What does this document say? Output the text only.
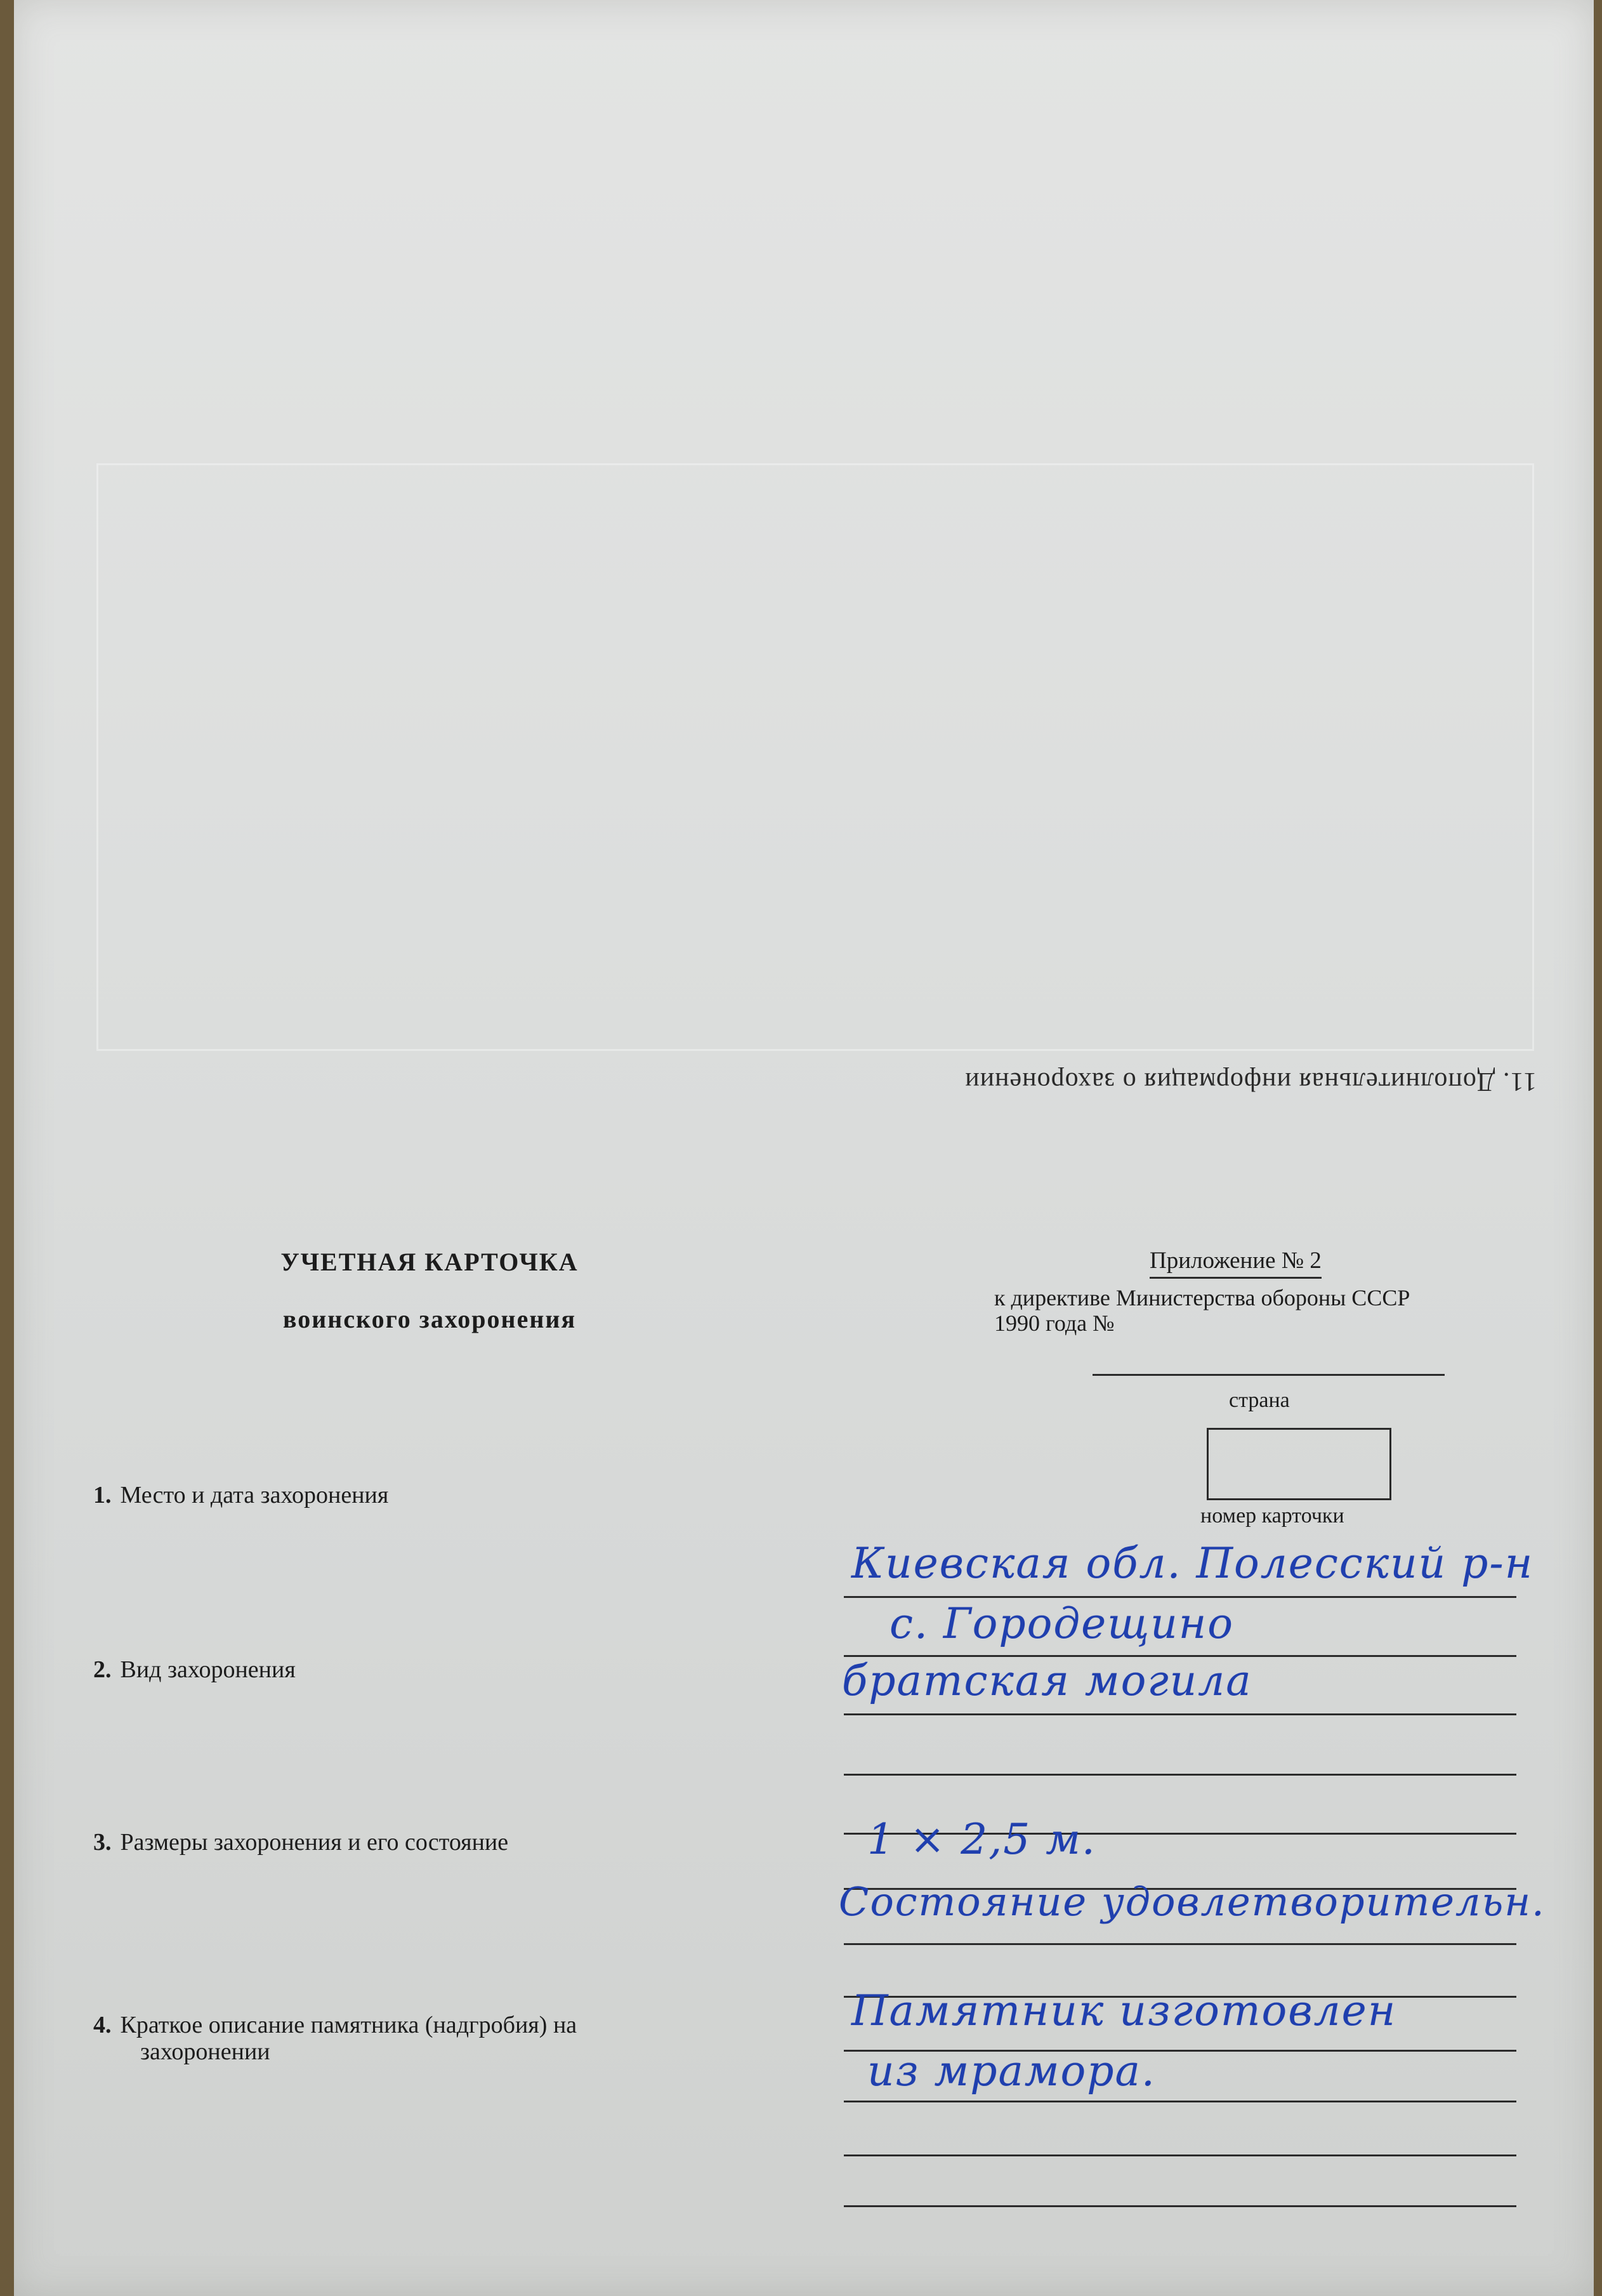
11. Дополнительная информация о захоронении
УЧЕТНАЯ КАРТОЧКА
воинского захоронения
Приложение № 2
к директиве Министерства обороны СССР
1990 года №
страна
номер карточки
1. Место и дата захоронения
2. Вид захоронения
3. Размеры захоронения и его состояние
4. Краткое описание памятника (надгробия) на
захоронении
Киевская обл. Полесский р-н
с. Городещино
братская могила
1 × 2,5 м.
Состояние удовлетворительн.
Памятник изготовлен
из мрамора.
